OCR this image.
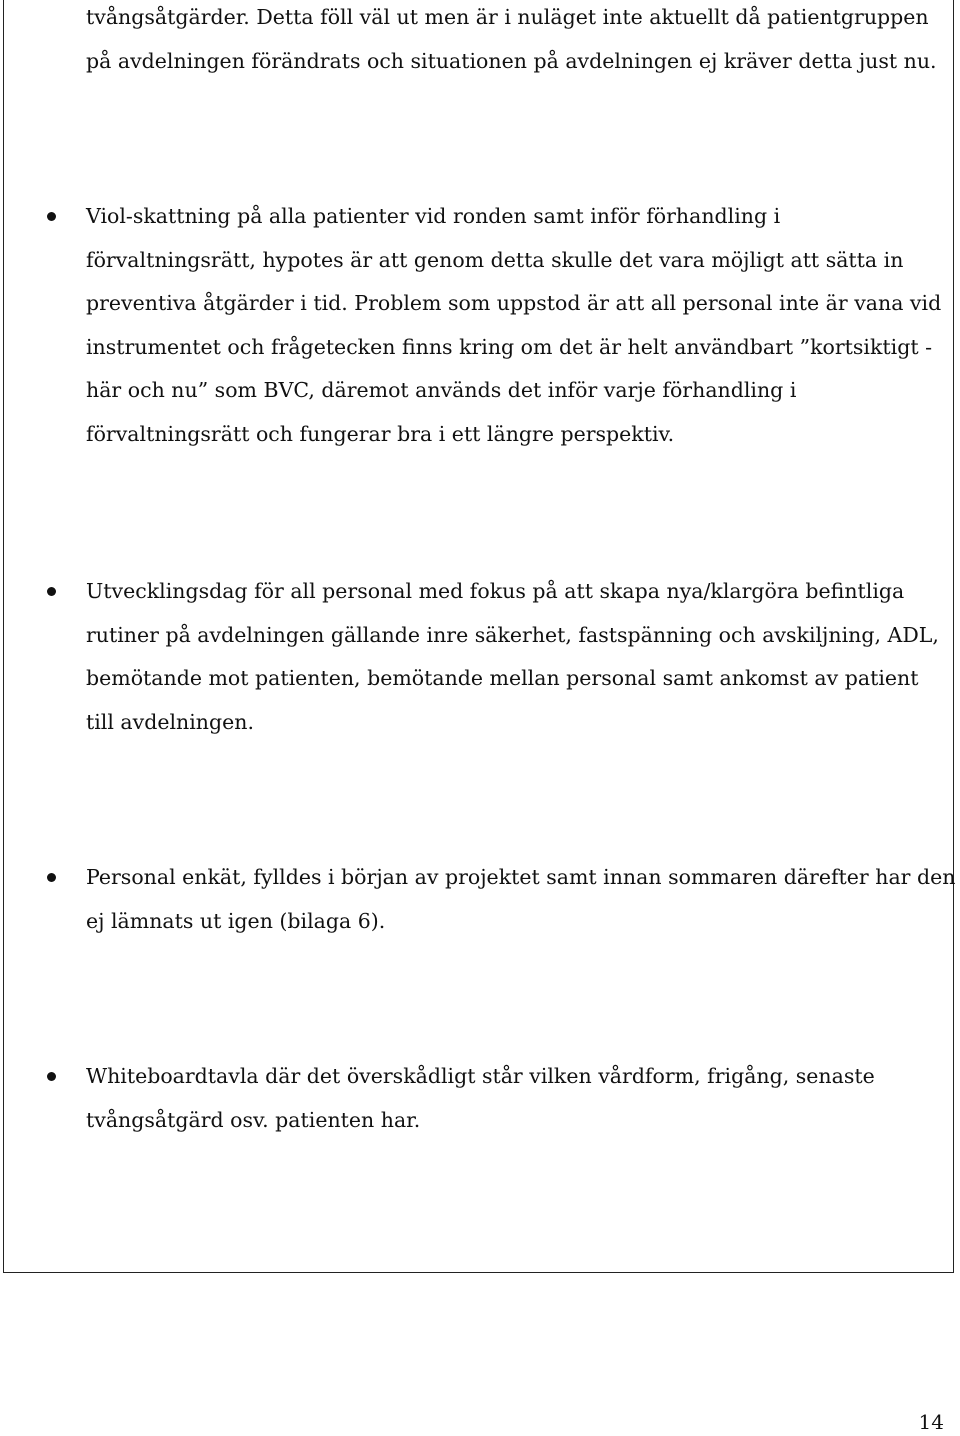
tvångsåtgärder. Detta föll väl ut men är i nuläget inte aktuellt då patientgruppen
på avdelningen förändrats och situationen på avdelningen ej kräver detta just nu.

Viol-skattning på alla patienter vid ronden samt inför förhandling i
förvaltningsrätt, hypotes är att genom detta skulle det vara möjligt att sätta in
preventiva åtgärder i tid. Problem som uppstod är att all personal inte är vana vid
instrumentet och frågetecken finns kring om det är helt användbart ”kortsiktigt -
här och nu” som BVC, däremot används det inför varje förhandling i
förvaltningsrätt och fungerar bra i ett längre perspektiv.

Utvecklingsdag för all personal med fokus på att skapa nya/klargöra befintliga
rutiner på avdelningen gällande inre säkerhet, fastspänning och avskiljning, ADL,
bemötande mot patienten, bemötande mellan personal samt ankomst av patient
till avdelningen.

Personal enkät, fylldes i början av projektet samt innan sommaren därefter har den
ej lämnats ut igen (bilaga 6).

Whiteboardtavla där det överskådligt står vilken vårdform, frigång, senaste
tvångsåtgärd osv. patienten har.

14
